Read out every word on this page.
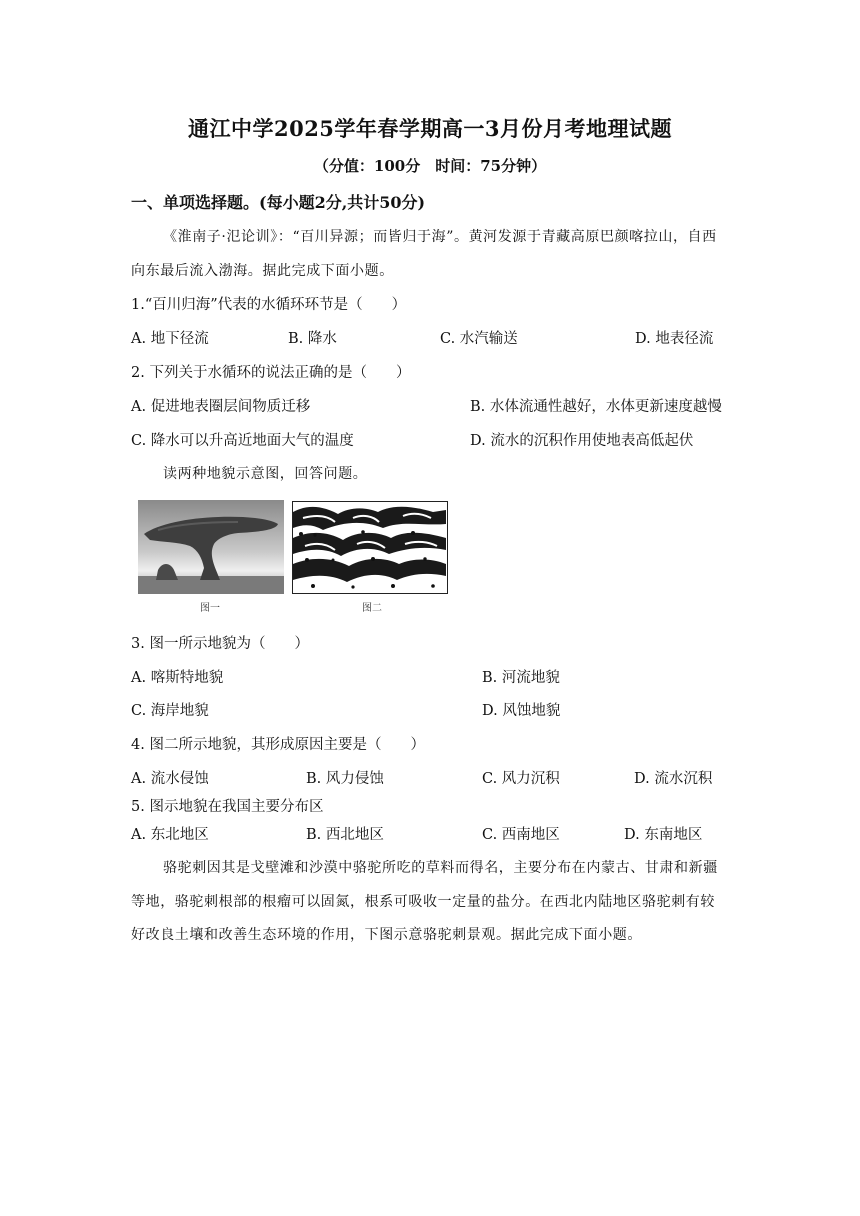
通江中学2025学年春学期高一3月份月考地理试题
（分值：100分　时间：75分钟）
一、单项选择题。(每小题2分,共计50分)
《淮南子·氾论训》：“百川异源；而皆归于海”。黄河发源于青藏高原巴颜喀拉山，自西
向东最后流入渤海。据此完成下面小题。
1.“百川归海”代表的水循环环节是（　　）
A. 地下径流	B. 降水	C. 水汽输送	D. 地表径流
2. 下列关于水循环的说法正确的是（　　）
A. 促进地表圈层间物质迁移	B. 水体流通性越好，水体更新速度越慢
C. 降水可以升高近地面大气的温度	D. 流水的沉积作用使地表高低起伏
读两种地貌示意图，回答问题。
图一	图二
3. 图一所示地貌为（　　）
A. 喀斯特地貌	B. 河流地貌
C. 海岸地貌	D. 风蚀地貌
4. 图二所示地貌，其形成原因主要是（　　）
A. 流水侵蚀	B. 风力侵蚀	C. 风力沉积	D. 流水沉积
5. 图示地貌在我国主要分布区
A. 东北地区	B. 西北地区	C. 西南地区	D. 东南地区
骆驼刺因其是戈壁滩和沙漠中骆驼所吃的草料而得名，主要分布在内蒙古、甘肃和新疆
等地，骆驼刺根部的根瘤可以固氮，根系可吸收一定量的盐分。在西北内陆地区骆驼刺有较
好改良土壤和改善生态环境的作用，下图示意骆驼刺景观。据此完成下面小题。
